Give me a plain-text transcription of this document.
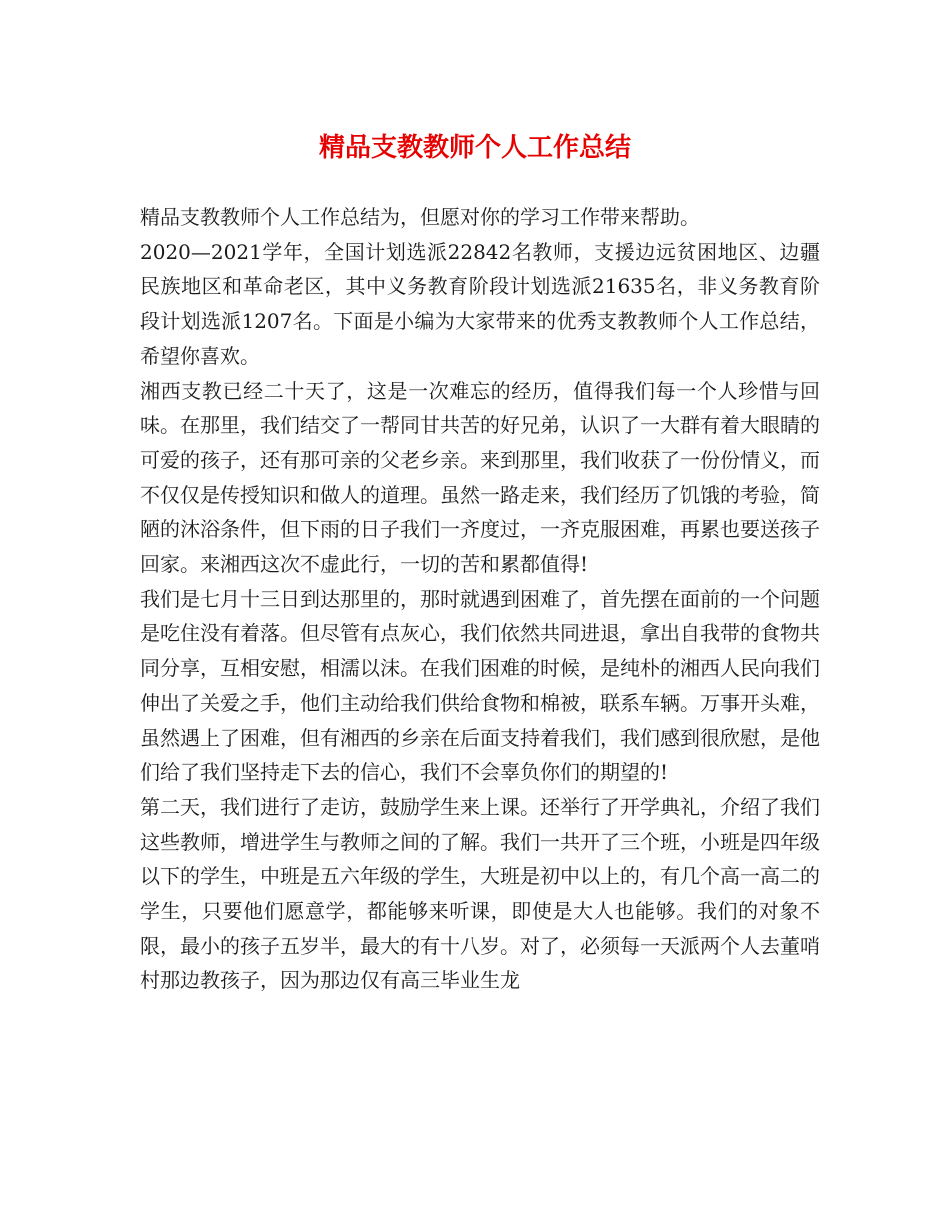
精品支教教师个人工作总结

精品支教教师个人工作总结为，但愿对你的学习工作带来帮助。

2020—2021学年，全国计划选派22842名教师，支援边远贫困地区、边疆民族地区和革命老区，其中义务教育阶段计划选派21635名，非义务教育阶段计划选派1207名。下面是小编为大家带来的优秀支教教师个人工作总结，希望你喜欢。

湘西支教已经二十天了，这是一次难忘的经历，值得我们每一个人珍惜与回味。在那里，我们结交了一帮同甘共苦的好兄弟，认识了一大群有着大眼睛的可爱的孩子，还有那可亲的父老乡亲。来到那里，我们收获了一份份情义，而不仅仅是传授知识和做人的道理。虽然一路走来，我们经历了饥饿的考验，简陋的沐浴条件，但下雨的日子我们一齐度过，一齐克服困难，再累也要送孩子回家。来湘西这次不虚此行，一切的苦和累都值得!

我们是七月十三日到达那里的，那时就遇到困难了，首先摆在面前的一个问题是吃住没有着落。但尽管有点灰心，我们依然共同进退，拿出自我带的食物共同分享，互相安慰，相濡以沫。在我们困难的时候，是纯朴的湘西人民向我们伸出了关爱之手，他们主动给我们供给食物和棉被，联系车辆。万事开头难，虽然遇上了困难，但有湘西的乡亲在后面支持着我们，我们感到很欣慰，是他们给了我们坚持走下去的信心，我们不会辜负你们的期望的!

第二天，我们进行了走访，鼓励学生来上课。还举行了开学典礼，介绍了我们这些教师，增进学生与教师之间的了解。我们一共开了三个班，小班是四年级以下的学生，中班是五六年级的学生，大班是初中以上的，有几个高一高二的学生，只要他们愿意学，都能够来听课，即使是大人也能够。我们的对象不限，最小的孩子五岁半，最大的有十八岁。对了，必须每一天派两个人去董哨村那边教孩子，因为那边仅有高三毕业生龙
